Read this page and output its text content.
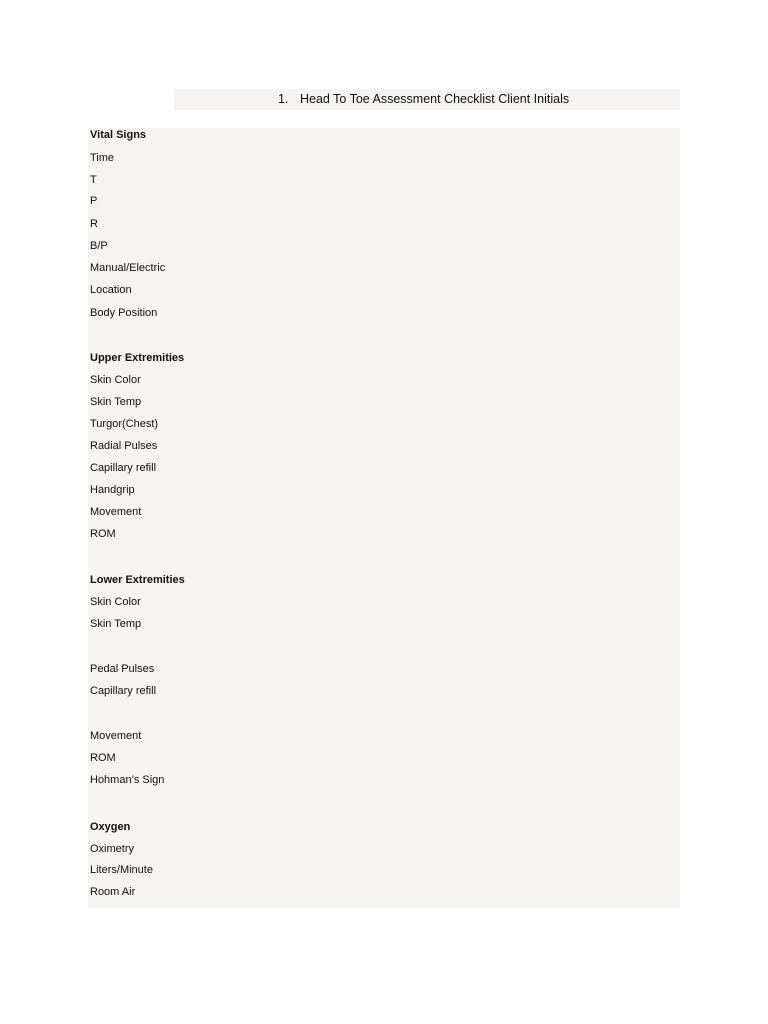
1. Head To Toe Assessment Checklist Client Initials
Vital Signs
Time
T
P
R
B/P
Manual/Electric
Location
Body Position
Upper Extremities
Skin Color
Skin Temp
Turgor(Chest)
Radial Pulses
Capillary refill
Handgrip
Movement
ROM
Lower Extremities
Skin Color
Skin Temp
Pedal Pulses
Capillary refill
Movement
ROM
Hohman’s Sign
Oxygen
Oximetry
Liters/Minute
Room Air
